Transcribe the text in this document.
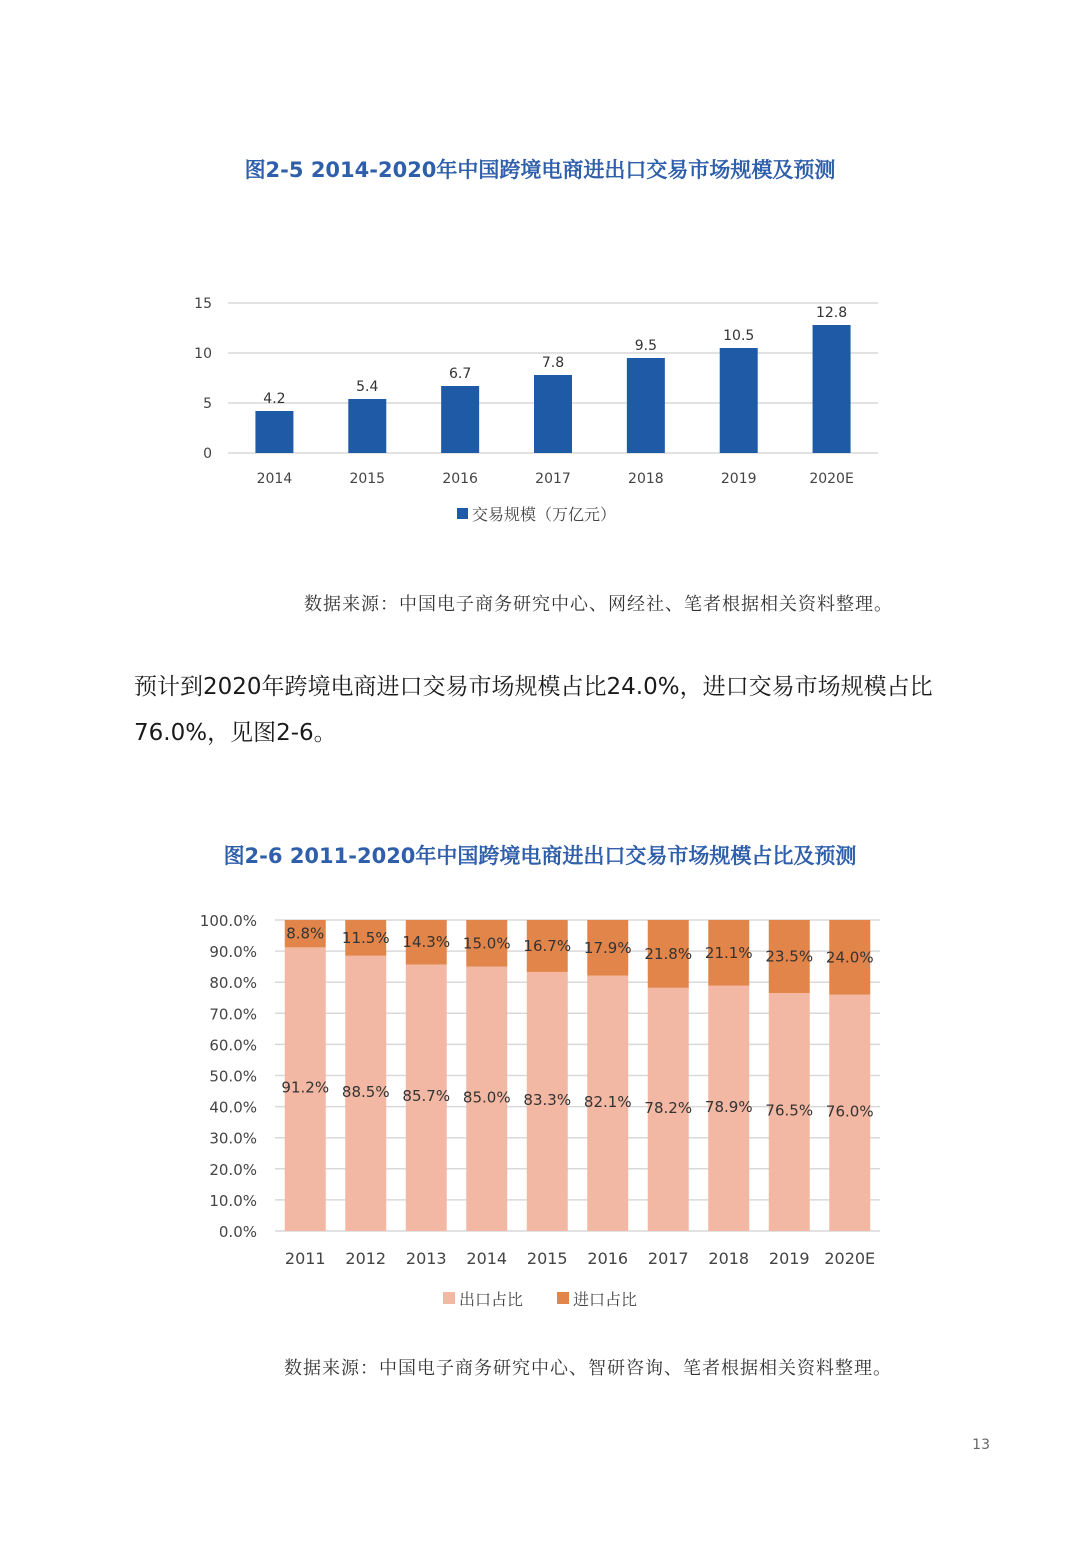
图2-5 2014-2020年中国跨境电商进出口交易市场规模及预测
0
5
10
15
4.2
2014
5.4
2015
6.7
2016
7.8
2017
9.5
2018
10.5
2019
12.8
2020E
交易规模（万亿元）
数据来源：中国电子商务研究中心、网经社、笔者根据相关资料整理。
预计到2020年跨境电商进口交易市场规模占比24.0%，进口交易市场规模占比76.0%，见图2-6。
图2-6 2011-2020年中国跨境电商进出口交易市场规模占比及预测
0.0%
10.0%
20.0%
30.0%
40.0%
50.0%
60.0%
70.0%
80.0%
90.0%
100.0%
8.8%
91.2%
2011
11.5%
88.5%
2012
14.3%
85.7%
2013
15.0%
85.0%
2014
16.7%
83.3%
2015
17.9%
82.1%
2016
21.8%
78.2%
2017
21.1%
78.9%
2018
23.5%
76.5%
2019
24.0%
76.0%
2020E
出口占比	进口占比
数据来源：中国电子商务研究中心、智研咨询、笔者根据相关资料整理。
13
